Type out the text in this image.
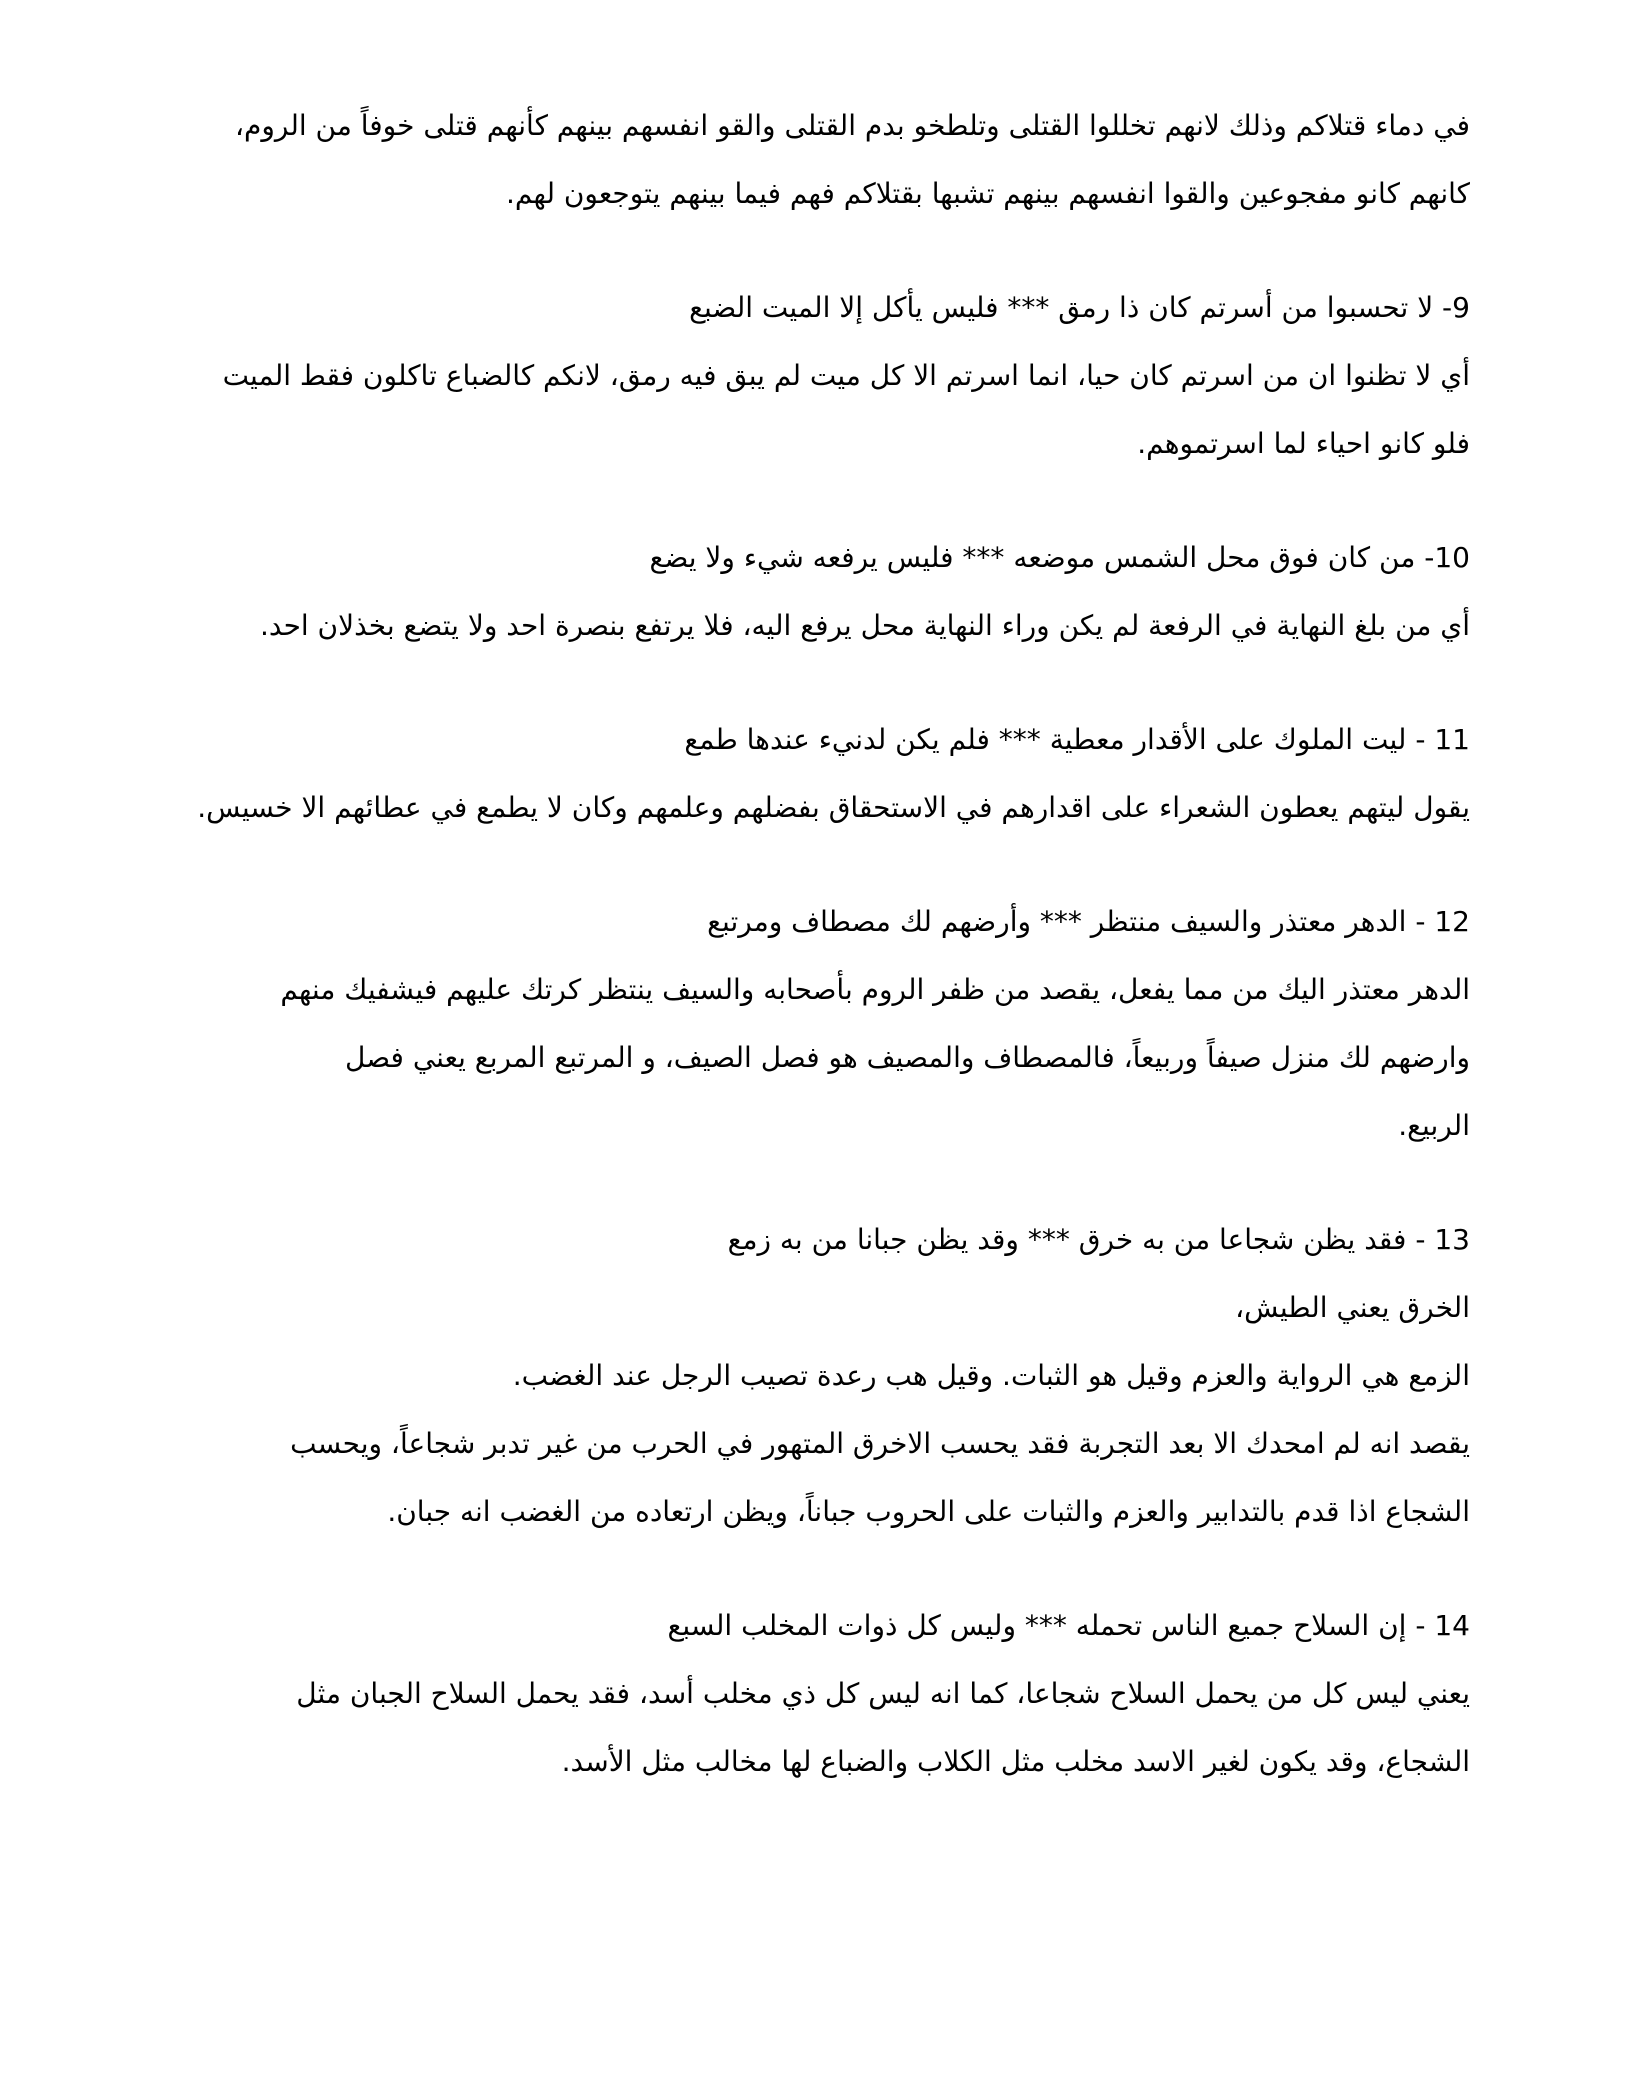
في دماء قتلاكم وذلك لانهم تخللوا القتلى وتلطخو بدم القتلى والقو انفسهم بينهم كأنهم قتلى خوفاً من الروم،
كانهم كانو مفجوعين والقوا انفسهم بينهم تشبها بقتلاكم فهم فيما بينهم يتوجعون لهم.
9- لا تحسبوا من أسرتم كان ذا رمق *** فليس يأكل إلا الميت الضبع
أي لا تظنوا ان من اسرتم كان حيا، انما اسرتم الا كل ميت لم يبق فيه رمق، لانكم كالضباع تاكلون فقط الميت
فلو كانو احياء لما اسرتموهم.
10- من كان فوق محل الشمس موضعه *** فليس يرفعه شيء ولا يضع
أي من بلغ النهاية في الرفعة لم يكن وراء النهاية محل يرفع اليه، فلا يرتفع بنصرة احد ولا يتضع بخذلان احد.
11 - ليت الملوك على الأقدار معطية *** فلم يكن لدنيء عندها طمع
يقول ليتهم يعطون الشعراء على اقدارهم في الاستحقاق بفضلهم وعلمهم وكان لا يطمع في عطائهم الا خسيس.
12 - الدهر معتذر والسيف منتظر *** وأرضهم لك مصطاف ومرتبع
الدهر معتذر اليك من مما يفعل، يقصد من ظفر الروم بأصحابه والسيف ينتظر كرتك عليهم فيشفيك منهم
وارضهم لك منزل صيفاً وربيعاً، فالمصطاف والمصيف هو فصل الصيف، و المرتبع المربع يعني فصل
الربيع.
13 - فقد يظن شجاعا من به خرق *** وقد يظن جبانا من به زمع
الخرق يعني الطيش،
الزمع هي الرواية والعزم وقيل هو الثبات. وقيل هب رعدة تصيب الرجل عند الغضب.
يقصد انه لم امحدك الا بعد التجربة فقد يحسب الاخرق المتهور في الحرب من غير تدبر شجاعاً، ويحسب
الشجاع اذا قدم بالتدابير والعزم والثبات على الحروب جباناً، ويظن ارتعاده من الغضب انه جبان.
14 - إن السلاح جميع الناس تحمله *** وليس كل ذوات المخلب السبع
يعني ليس كل من يحمل السلاح شجاعا، كما انه ليس كل ذي مخلب أسد، فقد يحمل السلاح الجبان مثل
الشجاع، وقد يكون لغير الاسد مخلب مثل الكلاب والضباع لها مخالب مثل الأسد.
